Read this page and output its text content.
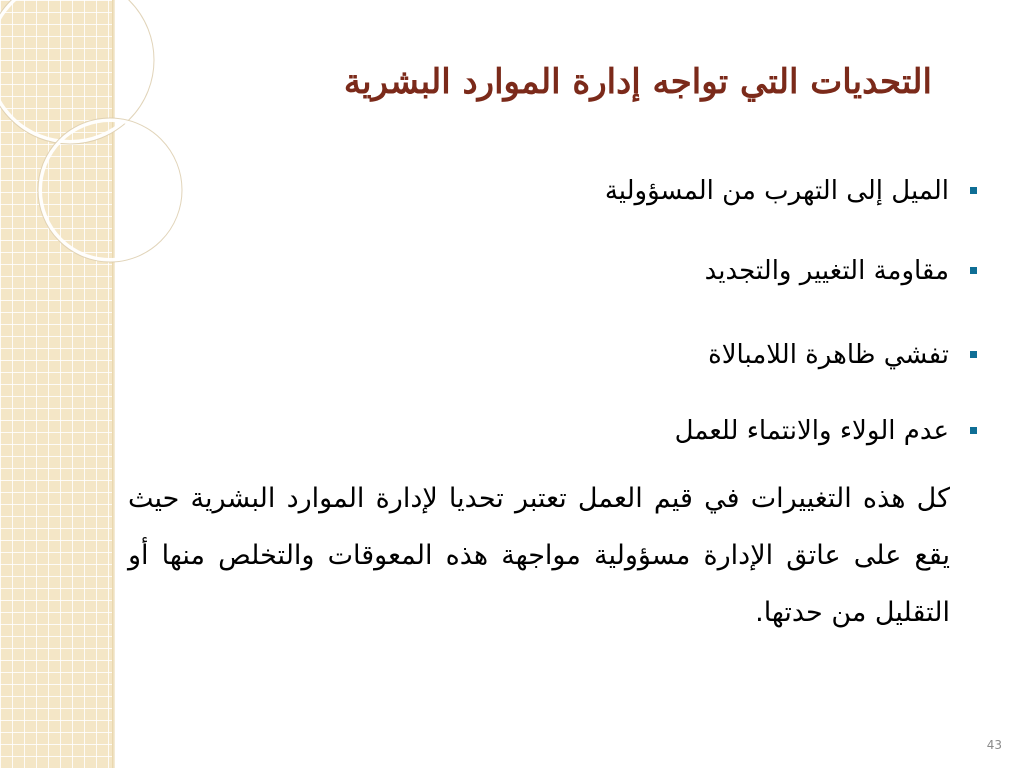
التحديات التي تواجه إدارة الموارد البشرية
الميل إلى التهرب من المسؤولية
مقاومة التغيير والتجديد
تفشي ظاهرة اللامبالاة
عدم الولاء والانتماء للعمل

كل هذه التغييرات في قيم العمل تعتبر تحديا لإدارة الموارد البشرية حيث يقع على عاتق الإدارة مسؤولية مواجهة هذه المعوقات والتخلص منها أو التقليل من حدتها.

43
